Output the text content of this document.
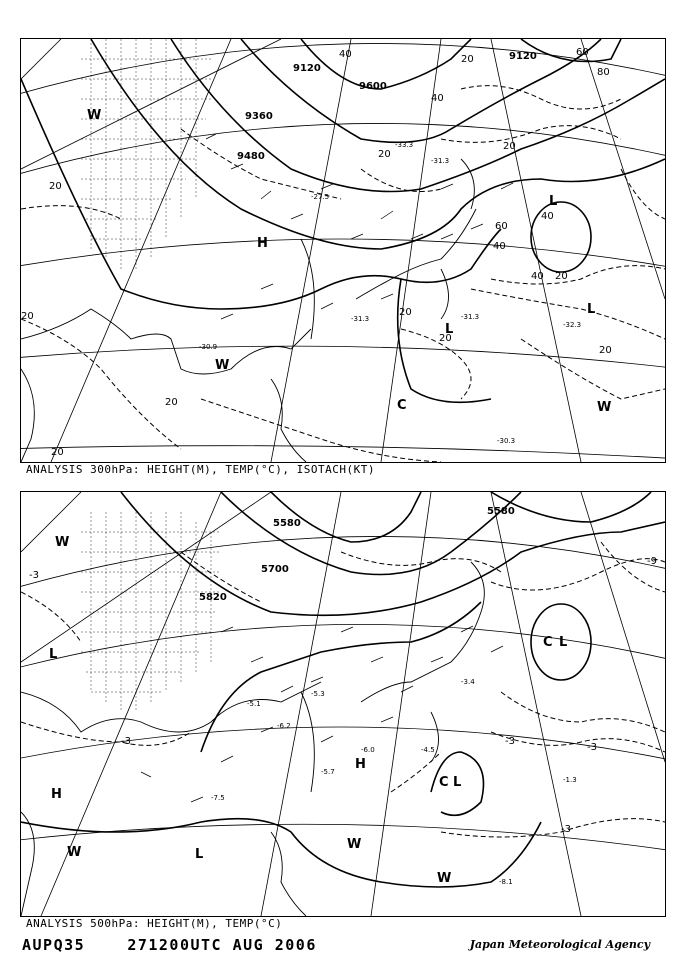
9120
9360
9480
9600
9120
20
40
40
60
80
40
20
20
40
60
20
20
20
20
20
20
20
40
20
H
L
L
L
C
W
W
W
-31.3
-30.3
-31.3
-32.3
-31.3
-30.9
-27.5
-33.3
ANALYSIS 300hPa: HEIGHT(M), TEMP(°C), ISOTACH(KT)
5580
5700
5820
5580
-3
-3	-3
-3
-3
-9
L
C
L
C
H
L
L
W
W
W
W
H
-5.1
-6.2
-5.3
-3.4
-4.5
-6.0
-5.7
-8.1
-1.3
-7.5
ANALYSIS 500hPa: HEIGHT(M), TEMP(°C)
AUPQ35	271200UTC AUG 2006	Japan Meteorological Agency
